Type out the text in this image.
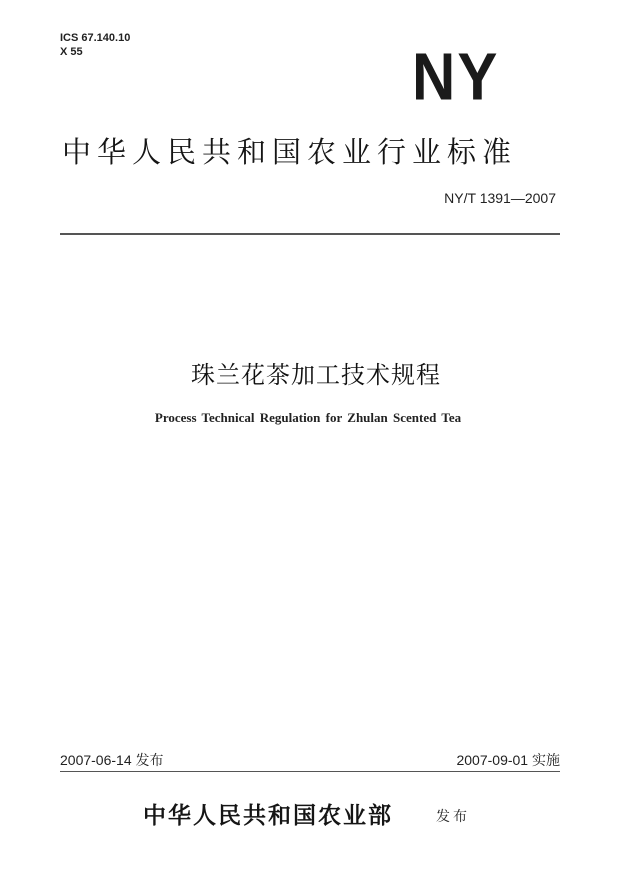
ICS 67.140.10
X 55	NY
中华人民共和国农业行业标准
NY/T 1391—2007
珠兰花茶加工技术规程
Process Technical Regulation for Zhulan Scented Tea
2007-06-14 发布	2007-09-01 实施
中华人民共和国农业部	发布
